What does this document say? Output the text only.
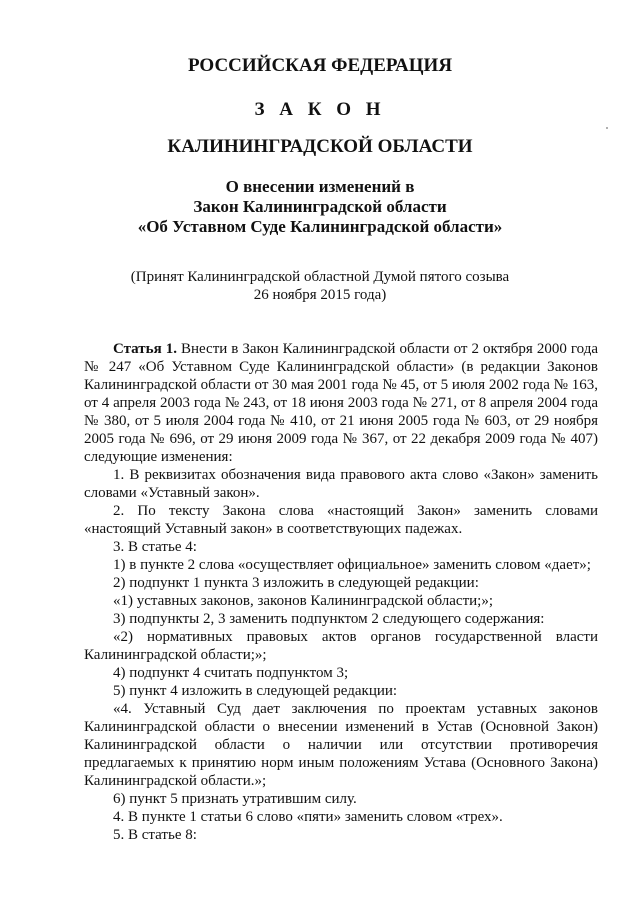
РОССИЙСКАЯ ФЕДЕРАЦИЯ
З А К О Н
КАЛИНИНГРАДСКОЙ ОБЛАСТИ
О внесении изменений в
Закон Калининградской области
«Об Уставном Суде Калининградской области»
(Принят Калининградской областной Думой пятого созыва
26 ноября 2015 года)

Статья 1. Внести в Закон Калининградской области от 2 октября 2000 года № 247 «Об Уставном Суде Калининградской области» (в редакции Законов Калининградской области от 30 мая 2001 года № 45, от 5 июля 2002 года № 163, от 4 апреля 2003 года № 243, от 18 июня 2003 года № 271, от 8 апреля 2004 года № 380, от 5 июля 2004 года № 410, от 21 июня 2005 года № 603, от 29 ноября 2005 года № 696, от 29 июня 2009 года № 367, от 22 декабря 2009 года № 407) следующие изменения:

1. В реквизитах обозначения вида правового акта слово «Закон» заменить словами «Уставный закон».

2. По тексту Закона слова «настоящий Закон» заменить словами «настоящий Уставный закон» в соответствующих падежах.

3. В статье 4:

1) в пункте 2 слова «осуществляет официальное» заменить словом «дает»;

2) подпункт 1 пункта 3 изложить в следующей редакции:

«1) уставных законов, законов Калининградской области;»;

3) подпункты 2, 3 заменить подпунктом 2 следующего содержания:

«2) нормативных правовых актов органов государственной власти Калининградской области;»;

4) подпункт 4 считать подпунктом 3;

5) пункт 4 изложить в следующей редакции:

«4. Уставный Суд дает заключения по проектам уставных законов Калининградской области о внесении изменений в Устав (Основной Закон) Калининградской области о наличии или отсутствии противоречия предлагаемых к принятию норм иным положениям Устава (Основного Закона) Калининградской области.»;

6) пункт 5 признать утратившим силу.

4. В пункте 1 статьи 6 слово «пяти» заменить словом «трех».

5. В статье 8:
